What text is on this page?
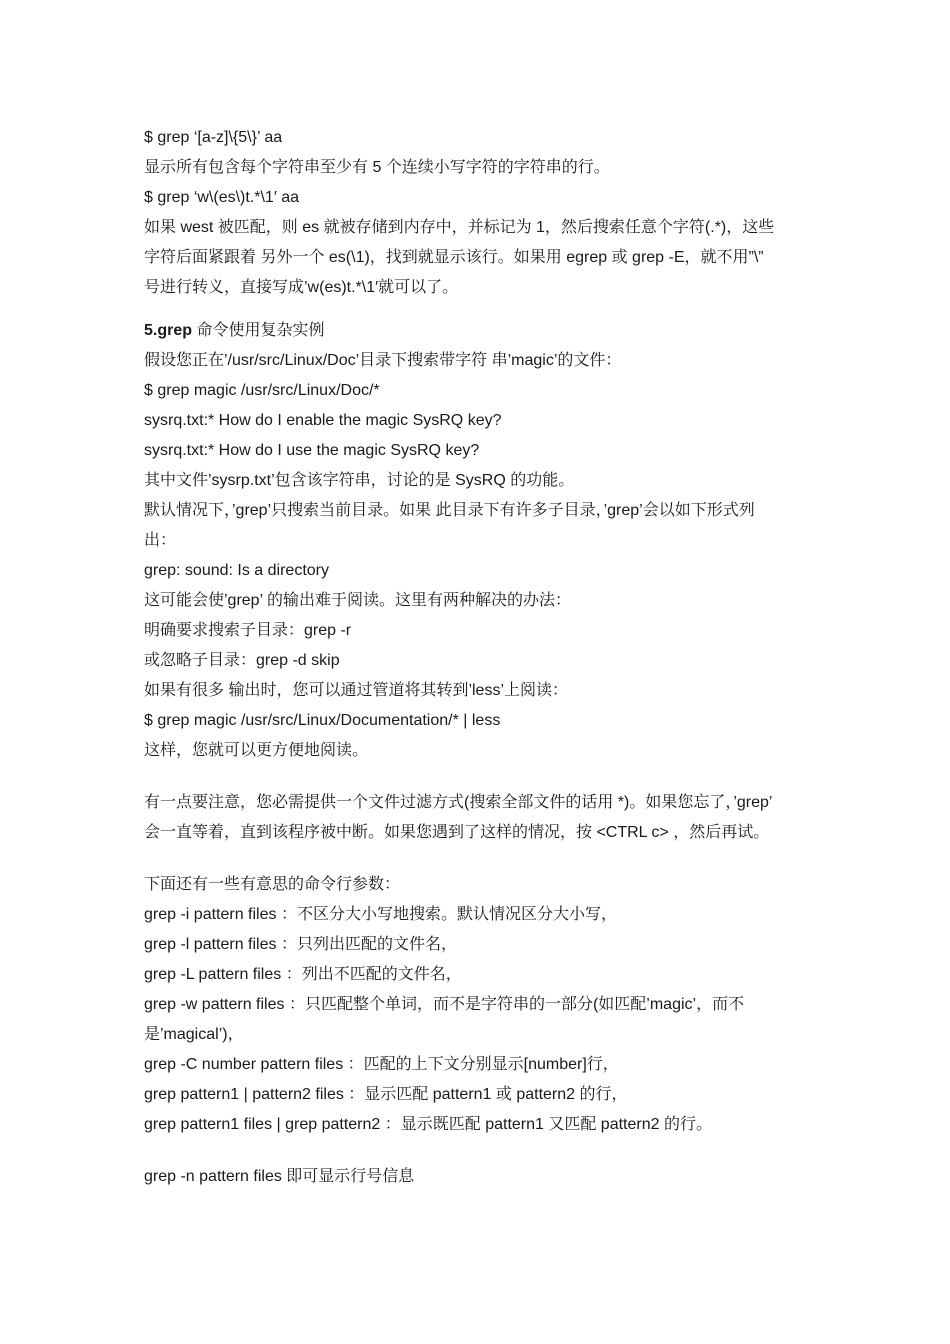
$ grep ‘[a-z]\{5\}’ aa
显示所有包含每个字符串至少有 5 个连续小写字符的字符串的行。
$ grep ‘w\(es\)t.*\1′ aa
如果 west 被匹配，则 es 就被存储到内存中，并标记为 1，然后搜索任意个字符(.*)，这些
字符后面紧跟着 另外一个 es(\1)，找到就显示该行。如果用 egrep 或 grep -E，就不用”\”
号进行转义，直接写成’w(es)t.*\1′就可以了。
5.grep 命令使用复杂实例
假设您正在’/usr/src/Linux/Doc’目录下搜索带字符 串’magic’的文件：
$ grep magic /usr/src/Linux/Doc/*
sysrq.txt:* How do I enable the magic SysRQ key?
sysrq.txt:* How do I use the magic SysRQ key?
其中文件’sysrp.txt’包含该字符串，讨论的是 SysRQ 的功能。
默认情况下，’grep’只搜索当前目录。如果 此目录下有许多子目录，’grep’会以如下形式列
出：
grep: sound: Is a directory
这可能会使’grep’ 的输出难于阅读。这里有两种解决的办法：
明确要求搜索子目录：grep -r
或忽略子目录：grep -d skip
如果有很多 输出时，您可以通过管道将其转到’less’上阅读：
$ grep magic /usr/src/Linux/Documentation/* | less
这样，您就可以更方便地阅读。
有一点要注意，您必需提供一个文件过滤方式(搜索全部文件的话用 *)。如果您忘了，’grep’
会一直等着，直到该程序被中断。如果您遇到了这样的情况，按 <CTRL c> ，然后再试。
下面还有一些有意思的命令行参数：
grep -i pattern files ：不区分大小写地搜索。默认情况区分大小写，
grep -l pattern files ：只列出匹配的文件名，
grep -L pattern files ：列出不匹配的文件名，
grep -w pattern files ：只匹配整个单词，而不是字符串的一部分(如匹配’magic’，而不
是’magical’)，
grep -C number pattern files ：匹配的上下文分别显示[number]行，
grep pattern1 | pattern2 files ：显示匹配 pattern1 或 pattern2 的行，
grep pattern1 files | grep pattern2 ：显示既匹配 pattern1 又匹配 pattern2 的行。
grep -n pattern files 即可显示行号信息
